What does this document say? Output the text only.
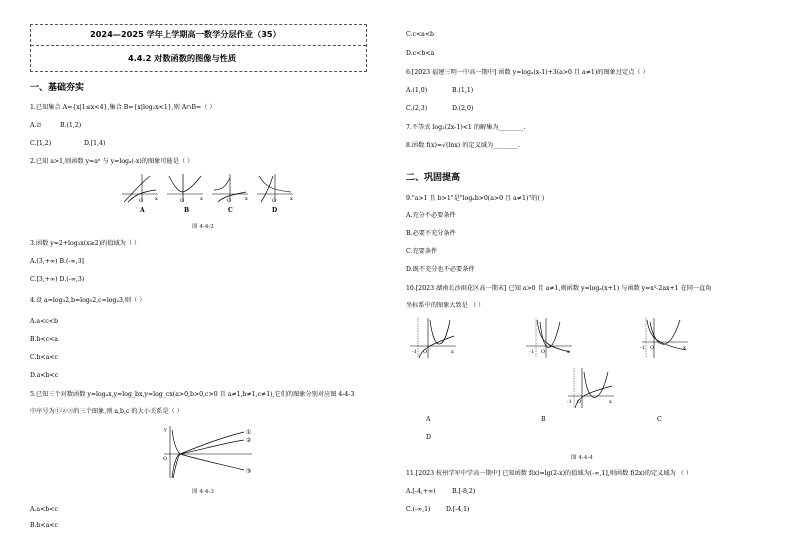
2024—2025 学年上学期高一数学分层作业（35）
4.4.2 对数函数的图像与性质
一、基础夯实
1.已知集合 A={x|1≤x<4},集合 B={x|log₂x<1},则 A∩B=（ ）
A.∅	B.(1,2)
C.[1,2)	D.[1,4)
2.已知 a>1,则函数 y=aˣ 与 y=logₐ(-x)的图象可能是（ ）
O x	O	x	O	x	O	x
A	B	C	D
图 4-4-2
3.函数 y=2+log₃x(x≥2)的值域为（ ）
A.(3,+∞) B.(-∞,3]
C.[3,+∞) D.(-∞,3)
4.设 a=log₃2,b=log₅2,c=log₂3,则（ ）
A.a<c<b
B.b<c<a
C.b<a<c
D.a<b<c
5.已知三个对数函数 y=logₐx,y=log_bx,y=log_cx(a>0,b>0,c>0 且 a≠1,b≠1,c≠1),它们的图象分别对应图 4-4-3
中序号为①②③的三个图象,则 a,b,c 的大小关系是（ ）
y
O
①
②
③
图 4-4-3
A.a<b<c
B.b<a<c
C.c<a<b
D.c<b<a
6.[2023 福建三明一中高一期中] 函数 y=logₐ(x-1)+3(a>0 且 a≠1)的图象过定点（ ）
A.(1,0)	B.(1,1)
C.(2,3)	D.(2,0)
7.不等式 log₂(2x-1)<1 的解集为________.
8.函数 f(x)=√(lnx) 的定义域为________.
二、巩固提高
9."a>1 且 b>1"是"logₐb>0(a>0 且 a≠1)"的( )
A.充分不必要条件
B.必要不充分条件
C.充要条件
D.既不充分也不必要条件
10.[2023 湖南长沙雨花区高一期末] 已知 a>0 且 a≠1,则函数 y=logₐ(x+1) 与函数 y=x²-2ax+1 在同一直角
坐标系中的图象大致是 （ ）
-1 O	x	-1 O	x
-1 O	x
-1 O	x
A	B	C
D
图 4-4-4
11.[2023 杭州学军中学高一期中] 已知函数 f(x)=lg(2-x)的值域为(-∞,1],则函数 f(2x)的定义域为 （ ）
A.[-4,+∞)	B.[-8,2)
C.(-∞,1)	D.[-4,1)
